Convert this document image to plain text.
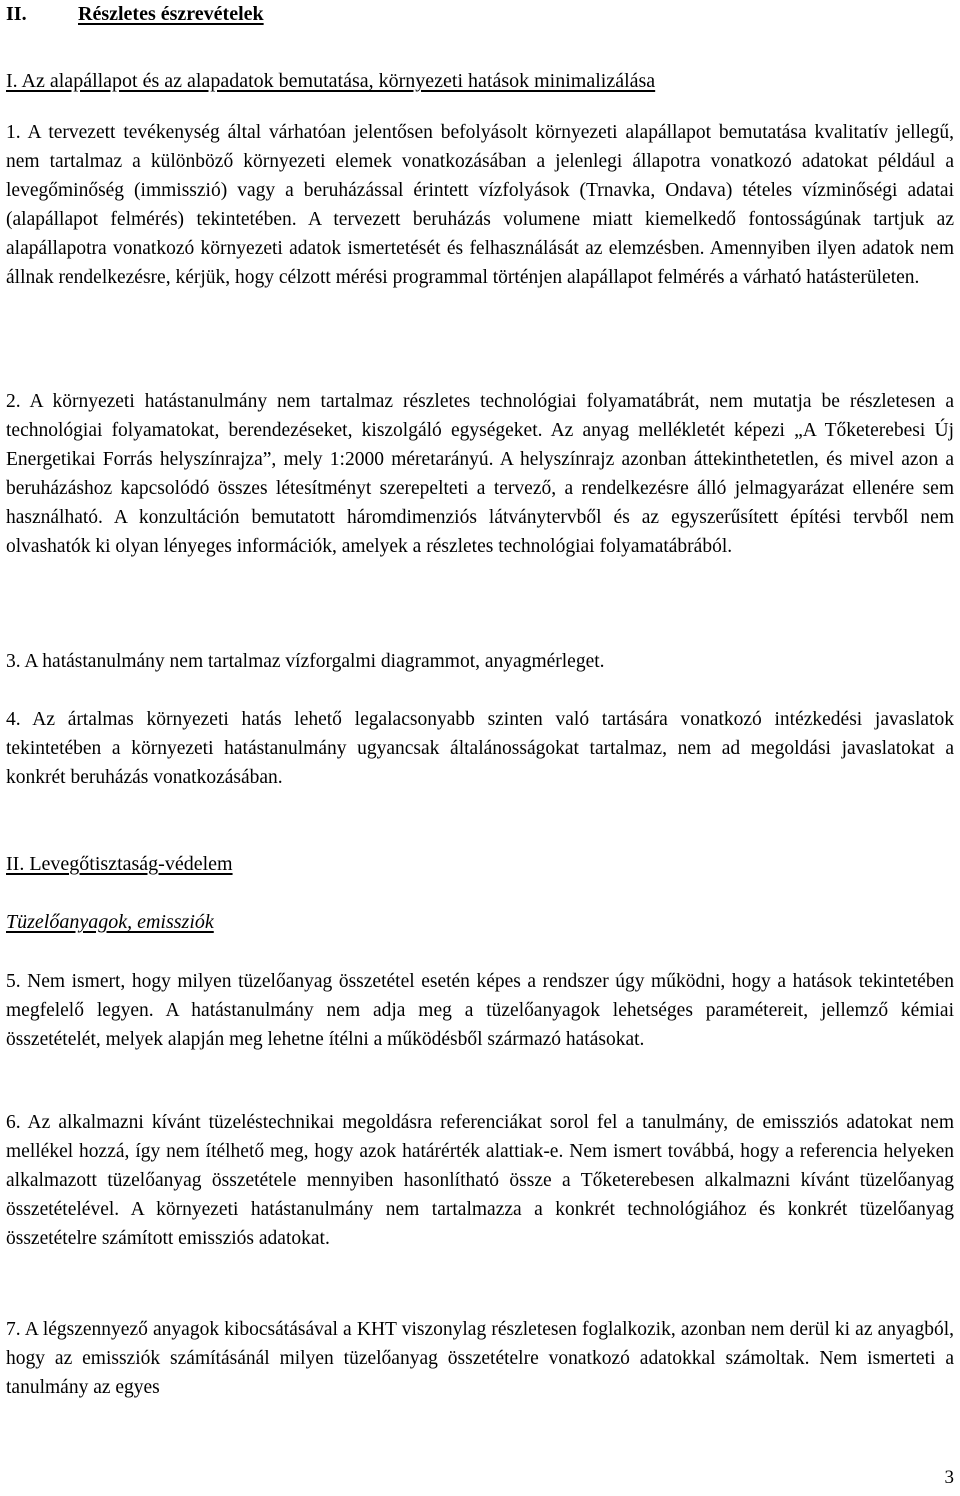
II.	Részletes észrevételek
I. Az alapállapot és az alapadatok bemutatása, környezeti hatások minimalizálása

1. A tervezett tevékenység által várhatóan jelentősen befolyásolt környezeti alapállapot bemutatása kvalitatív jellegű, nem tartalmaz a különböző környezeti elemek vonatkozásában a jelenlegi állapotra vonatkozó adatokat például a levegőminőség (immisszió) vagy a beruházással érintett vízfolyások (Trnavka, Ondava) tételes vízminőségi adatai (alapállapot felmérés) tekintetében. A tervezett beruházás volumene miatt kiemelkedő fontosságúnak tartjuk az alapállapotra vonatkozó környezeti adatok ismertetését és felhasználását az elemzésben. Amennyiben ilyen adatok nem állnak rendelkezésre, kérjük, hogy célzott mérési programmal történjen alapállapot felmérés a várható hatásterületen.

2. A környezeti hatástanulmány nem tartalmaz részletes technológiai folyamatábrát, nem mutatja be részletesen a technológiai folyamatokat, berendezéseket, kiszolgáló egységeket. Az anyag mellékletét képezi „A Tőketerebesi Új Energetikai Forrás helyszínrajza”, mely 1:2000 méretarányú. A helyszínrajz azonban áttekinthetetlen, és mivel azon a beruházáshoz kapcsolódó összes létesítményt szerepelteti a tervező, a rendelkezésre álló jelmagyarázat ellenére sem használható. A konzultáción bemutatott háromdimenziós látványtervből és az egyszerűsített építési tervből nem olvashatók ki olyan lényeges információk, amelyek a részletes technológiai folyamatábrából.

3. A hatástanulmány nem tartalmaz vízforgalmi diagrammot, anyagmérleget.

4. Az ártalmas környezeti hatás lehető legalacsonyabb szinten való tartására vonatkozó intézkedési javaslatok tekintetében a környezeti hatástanulmány ugyancsak általánosságokat tartalmaz, nem ad megoldási javaslatokat a konkrét beruházás vonatkozásában.

II. Levegőtisztaság-védelem
Tüzelőanyagok, emissziók

5. Nem ismert, hogy milyen tüzelőanyag összetétel esetén képes a rendszer úgy működni, hogy a hatások tekintetében megfelelő legyen. A hatástanulmány nem adja meg a tüzelőanyagok lehetséges paramétereit, jellemző kémiai összetételét, melyek alapján meg lehetne ítélni a működésből származó hatásokat.

6. Az alkalmazni kívánt tüzeléstechnikai megoldásra referenciákat sorol fel a tanulmány, de emissziós adatokat nem mellékel hozzá, így nem ítélhető meg, hogy azok határérték alattiak-e. Nem ismert továbbá, hogy a referencia helyeken alkalmazott tüzelőanyag összetétele mennyiben hasonlítható össze a Tőketerebesen alkalmazni kívánt tüzelőanyag összetételével. A környezeti hatástanulmány nem tartalmazza a konkrét technológiához és konkrét tüzelőanyag összetételre számított emissziós adatokat.

7. A légszennyező anyagok kibocsátásával a KHT viszonylag részletesen foglalkozik, azonban nem derül ki az anyagból, hogy az emissziók számításánál milyen tüzelőanyag összetételre vonatkozó adatokkal számoltak. Nem ismerteti a tanulmány az egyes

3
